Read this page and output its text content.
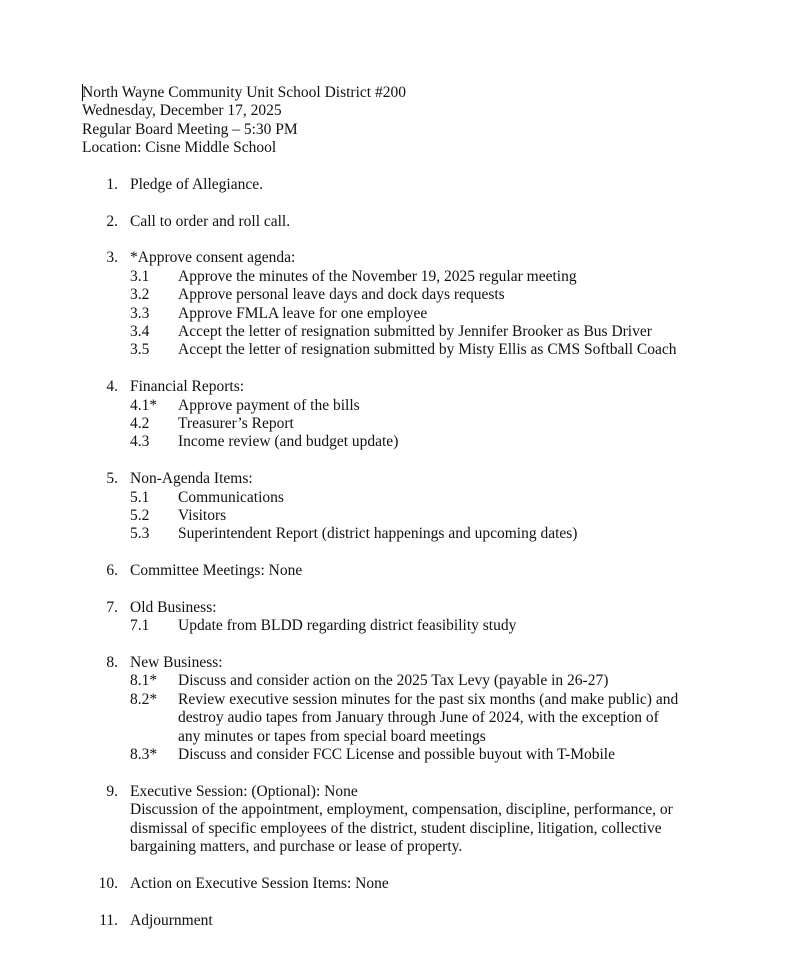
North Wayne Community Unit School District #200
Wednesday, December 17, 2025
Regular Board Meeting – 5:30 PM
Location: Cisne Middle School
1. Pledge of Allegiance.
2. Call to order and roll call.
3. *Approve consent agenda:
3.1 Approve the minutes of the November 19, 2025 regular meeting
3.2 Approve personal leave days and dock days requests
3.3 Approve FMLA leave for one employee
3.4 Accept the letter of resignation submitted by Jennifer Brooker as Bus Driver
3.5 Accept the letter of resignation submitted by Misty Ellis as CMS Softball Coach
4. Financial Reports:
4.1* Approve payment of the bills
4.2 Treasurer’s Report
4.3 Income review (and budget update)
5. Non-Agenda Items:
5.1 Communications
5.2 Visitors
5.3 Superintendent Report (district happenings and upcoming dates)
6. Committee Meetings: None
7. Old Business:
7.1 Update from BLDD regarding district feasibility study
8. New Business:
8.1* Discuss and consider action on the 2025 Tax Levy (payable in 26-27)
8.2* Review executive session minutes for the past six months (and make public) and
destroy audio tapes from January through June of 2024, with the exception of
any minutes or tapes from special board meetings
8.3* Discuss and consider FCC License and possible buyout with T-Mobile
9. Executive Session: (Optional): None
Discussion of the appointment, employment, compensation, discipline, performance, or
dismissal of specific employees of the district, student discipline, litigation, collective
bargaining matters, and purchase or lease of property.
10. Action on Executive Session Items: None
11. Adjournment
